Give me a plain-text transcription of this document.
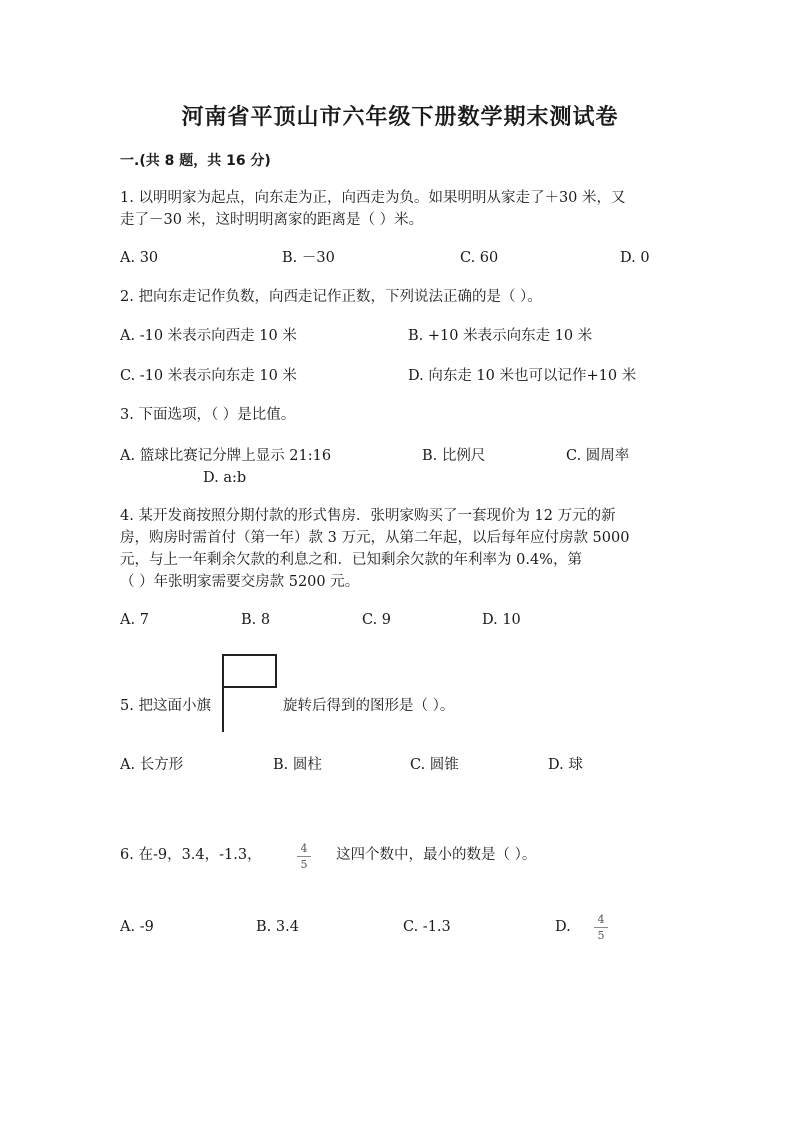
河南省平顶山市六年级下册数学期末测试卷
一.(共 8 题，共 16 分)
1. 以明明家为起点，向东走为正，向西走为负。如果明明从家走了＋30 米，又
走了－30 米，这时明明离家的距离是（ ）米。
A. 30	B. －30	C. 60	D. 0
2. 把向东走记作负数，向西走记作正数，下列说法正确的是（ ）。
A. -10 米表示向西走 10 米	B. +10 米表示向东走 10 米
C. -10 米表示向东走 10 米	D. 向东走 10 米也可以记作+10 米
3. 下面选项，（ ）是比值。
A. 篮球比赛记分牌上显示 21:16	B. 比例尺	C. 圆周率
D. a:b
4. 某开发商按照分期付款的形式售房．张明家购买了一套现价为 12 万元的新
房，购房时需首付（第一年）款 3 万元，从第二年起，以后每年应付房款 5000
元，与上一年剩余欠款的利息之和．已知剩余欠款的年利率为 0.4%，第
（ ）年张明家需要交房款 5200 元。
A. 7	B. 8	C. 9	D. 10
5. 把这面小旗	旋转后得到的图形是（ ）。
A. 长方形	B. 圆柱	C. 圆锥	D. 球
6. 在-9，3.4，-1.3，	4
5
这四个数中，最小的数是（ ）。
A. -9	B. 3.4	C. -1.3	D.	4
5
